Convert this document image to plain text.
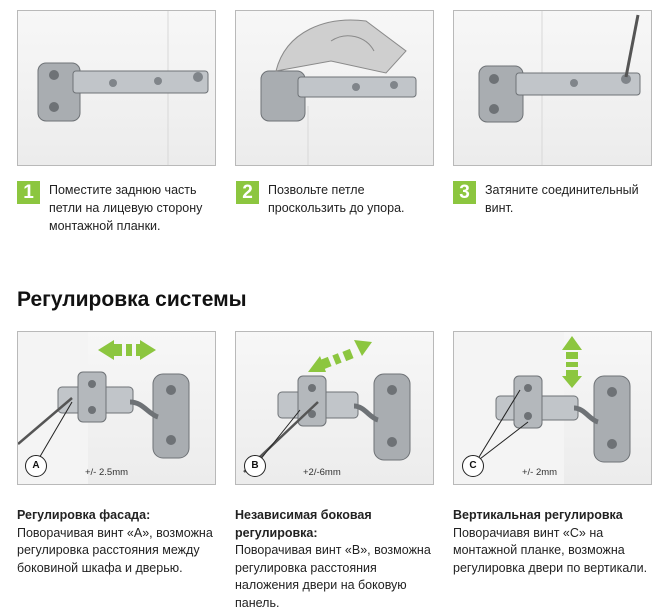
1	Поместите заднюю часть петли на лицевую сторону монтажной планки.
2	Позвольте петле проскользить до упора.
3	Затяните соединительный винт.
Регулировка системы
A
+/- 2.5mm
B
+2/-6mm
C
+/- 2mm
Регулировка фасада:
Поворачивая винт «A», возможна регулировка расстояния между боковиной шкафа и дверью.
Независимая боковая регулировка:
Поворачивая винт «B», возможна регулировка расстояния наложения двери на боковую панель.
Вертикальная регулировка
Поворачиавя винт «C» на монтажной планке, возможна регулировка двери по вертикали.
